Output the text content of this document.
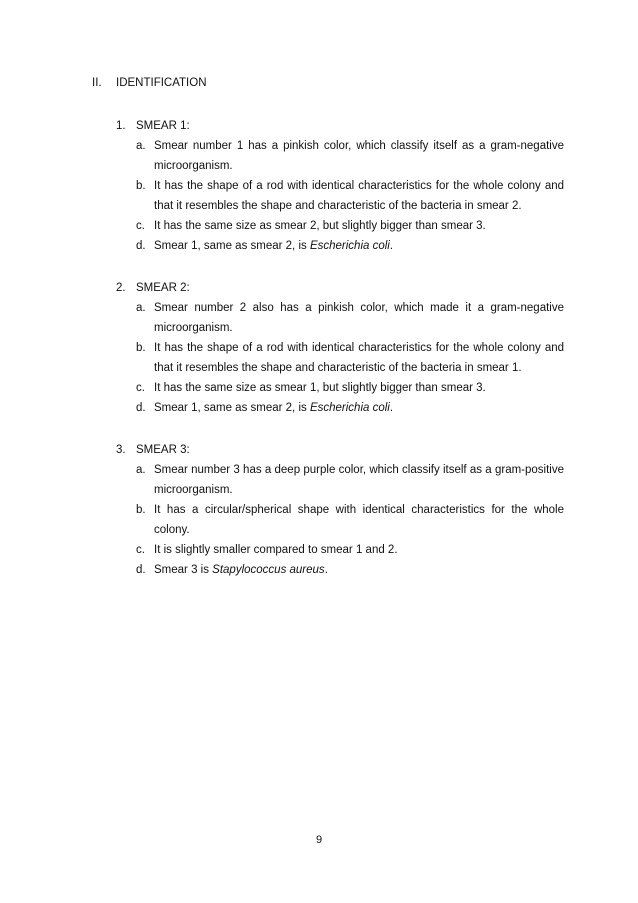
II. IDENTIFICATION
1. SMEAR 1:
a. Smear number 1 has a pinkish color, which classify itself as a gram-negative microorganism.
b. It has the shape of a rod with identical characteristics for the whole colony and that it resembles the shape and characteristic of the bacteria in smear 2.
c. It has the same size as smear 2, but slightly bigger than smear 3.
d. Smear 1, same as smear 2, is Escherichia coli.
2. SMEAR 2:
a. Smear number 2 also has a pinkish color, which made it a gram-negative microorganism.
b. It has the shape of a rod with identical characteristics for the whole colony and that it resembles the shape and characteristic of the bacteria in smear 1.
c. It has the same size as smear 1, but slightly bigger than smear 3.
d. Smear 1, same as smear 2, is Escherichia coli.
3. SMEAR 3:
a. Smear number 3 has a deep purple color, which classify itself as a gram-positive microorganism.
b. It has a circular/spherical shape with identical characteristics for the whole colony.
c. It is slightly smaller compared to smear 1 and 2.
d. Smear 3 is Stapylococcus aureus.
9
